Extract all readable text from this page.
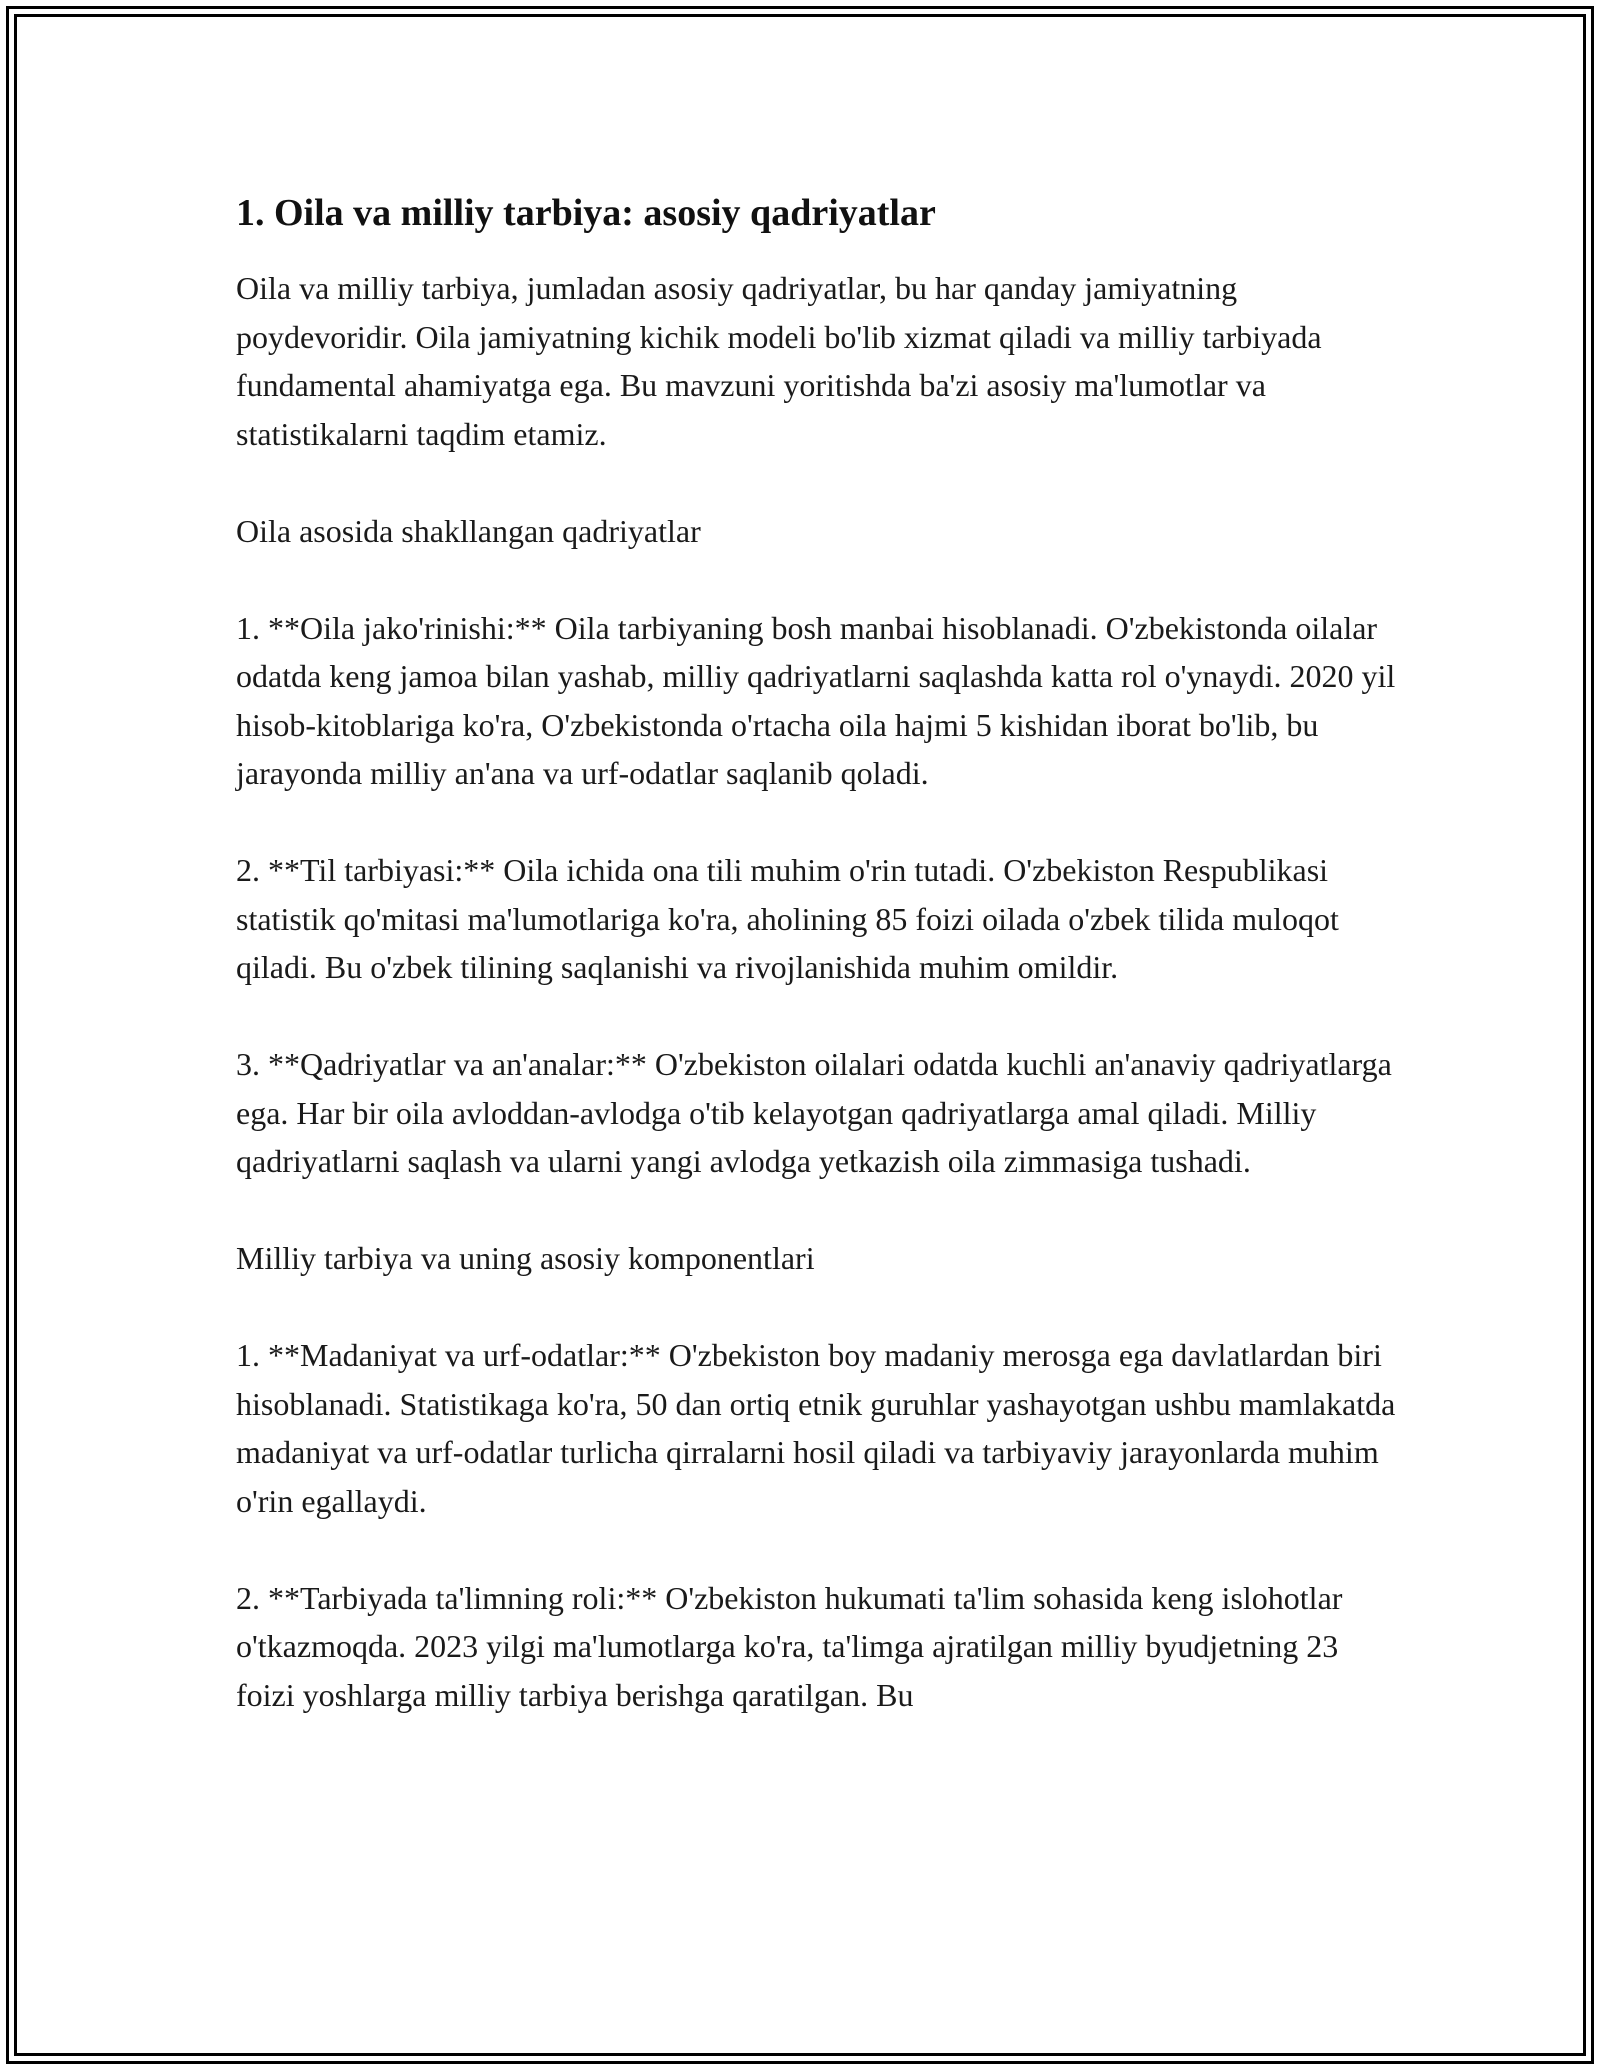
1. Oila va milliy tarbiya: asosiy qadriyatlar

Oila va milliy tarbiya, jumladan asosiy qadriyatlar, bu har qanday jamiyatning poydevoridir. Oila jamiyatning kichik modeli bo'lib xizmat qiladi va milliy tarbiyada fundamental ahamiyatga ega. Bu mavzuni yoritishda ba'zi asosiy ma'lumotlar va statistikalarni taqdim etamiz.

Oila asosida shakllangan qadriyatlar

1. **Oila jako'rinishi:** Oila tarbiyaning bosh manbai hisoblanadi. O'zbekistonda oilalar odatda keng jamoa bilan yashab, milliy qadriyatlarni saqlashda katta rol o'ynaydi. 2020 yil hisob-kitoblariga ko'ra, O'zbekistonda o'rtacha oila hajmi 5 kishidan iborat bo'lib, bu jarayonda milliy an'ana va urf-odatlar saqlanib qoladi.

2. **Til tarbiyasi:** Oila ichida ona tili muhim o'rin tutadi. O'zbekiston Respublikasi statistik qo'mitasi ma'lumotlariga ko'ra, aholining 85 foizi oilada o'zbek tilida muloqot qiladi. Bu o'zbek tilining saqlanishi va rivojlanishida muhim omildir.

3. **Qadriyatlar va an'analar:** O'zbekiston oilalari odatda kuchli an'anaviy qadriyatlarga ega. Har bir oila avloddan-avlodga o'tib kelayotgan qadriyatlarga amal qiladi. Milliy qadriyatlarni saqlash va ularni yangi avlodga yetkazish oila zimmasiga tushadi.

Milliy tarbiya va uning asosiy komponentlari

1. **Madaniyat va urf-odatlar:** O'zbekiston boy madaniy merosga ega davlatlardan biri hisoblanadi. Statistikaga ko'ra, 50 dan ortiq etnik guruhlar yashayotgan ushbu mamlakatda madaniyat va urf-odatlar turlicha qirralarni hosil qiladi va tarbiyaviy jarayonlarda muhim o'rin egallaydi.

2. **Tarbiyada ta'limning roli:** O'zbekiston hukumati ta'lim sohasida keng islohotlar o'tkazmoqda. 2023 yilgi ma'lumotlarga ko'ra, ta'limga ajratilgan milliy byudjetning 23 foizi yoshlarga milliy tarbiya berishga qaratilgan. Bu
